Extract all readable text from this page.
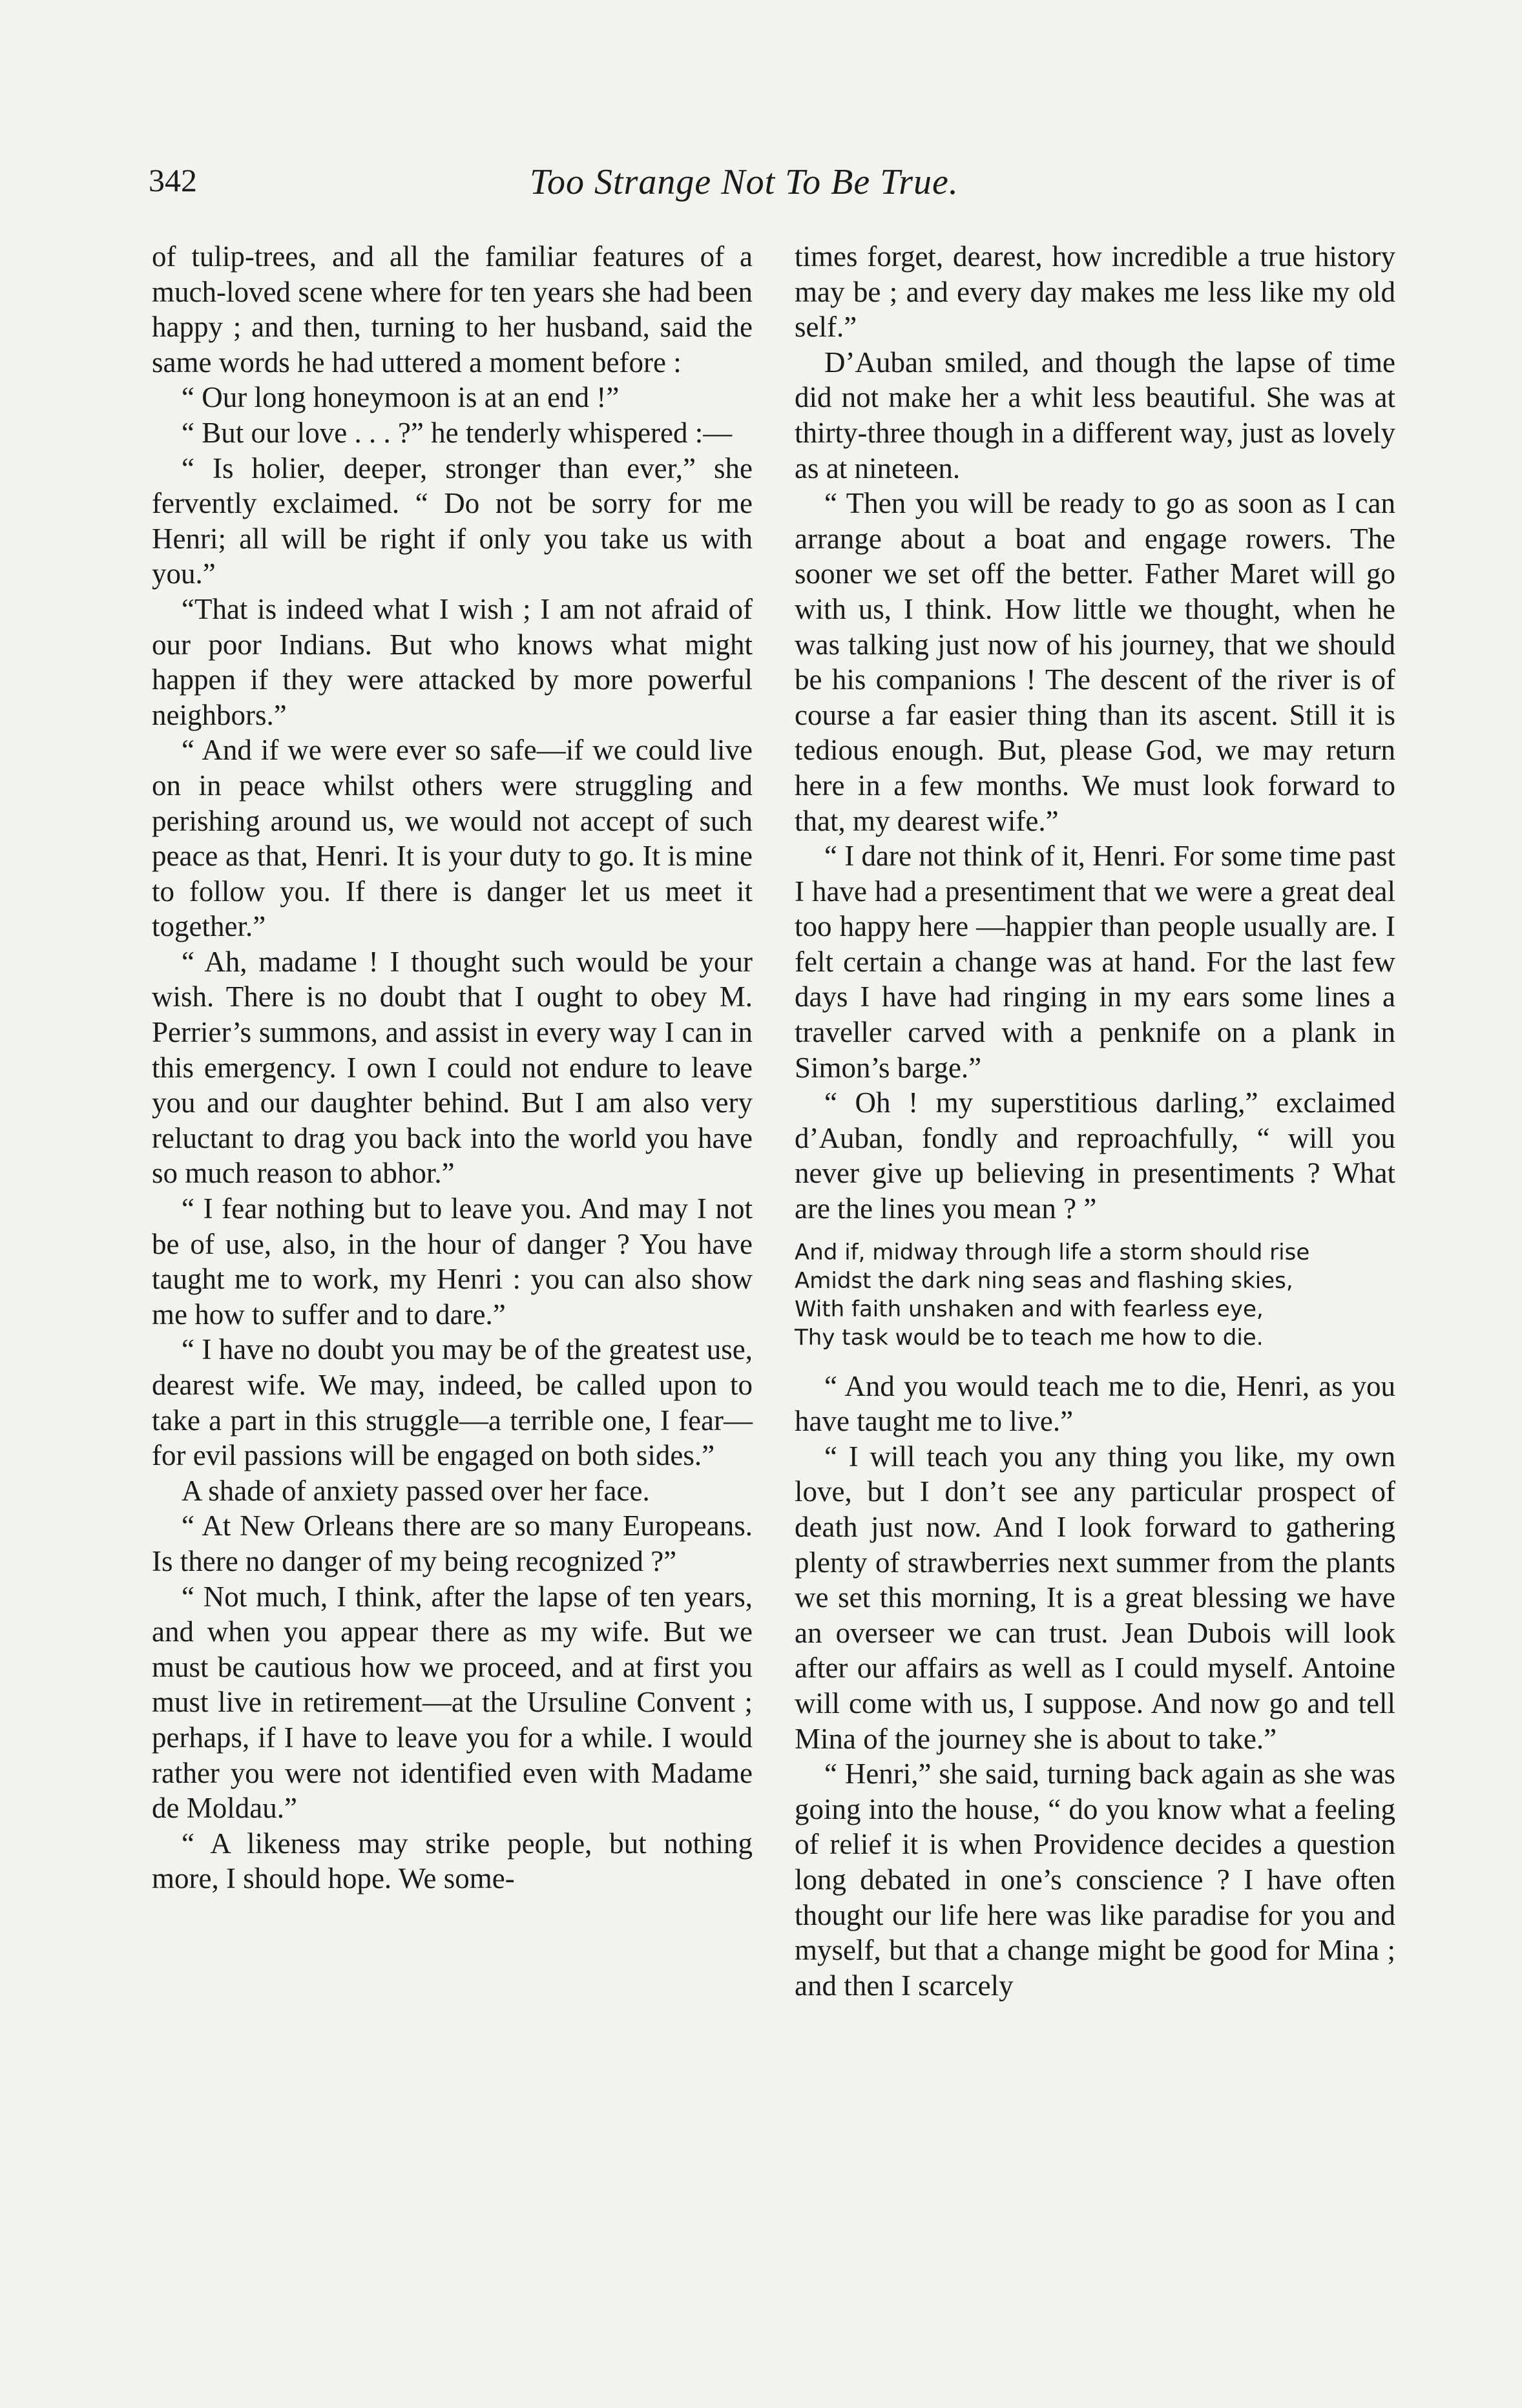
342	Too Strange Not To Be True.

of tulip-trees, and all the familiar features of a much-loved scene where for ten years she had been happy ; and then, turning to her husband, said the same words he had uttered a moment before :

“ Our long honeymoon is at an end !”

“ But our love . . . ?” he tenderly whispered :—

“ Is holier, deeper, stronger than ever,” she fervently exclaimed. “ Do not be sorry for me Henri; all will be right if only you take us with you.”

“That is indeed what I wish ; I am not afraid of our poor Indians. But who knows what might happen if they were attacked by more powerful neighbors.”

“ And if we were ever so safe—if we could live on in peace whilst others were struggling and perishing around us, we would not accept of such peace as that, Henri. It is your duty to go. It is mine to follow you. If there is danger let us meet it together.”

“ Ah, madame ! I thought such would be your wish. There is no doubt that I ought to obey M. Perrier’s summons, and assist in every way I can in this emergency. I own I could not endure to leave you and our daughter behind. But I am also very reluctant to drag you back into the world you have so much reason to abhor.”

“ I fear nothing but to leave you. And may I not be of use, also, in the hour of danger ? You have taught me to work, my Henri : you can also show me how to suffer and to dare.”

“ I have no doubt you may be of the greatest use, dearest wife. We may, indeed, be called upon to take a part in this struggle—a terrible one, I fear—for evil passions will be engaged on both sides.”

A shade of anxiety passed over her face.

“ At New Orleans there are so many Europeans. Is there no danger of my being recognized ?”

“ Not much, I think, after the lapse of ten years, and when you appear there as my wife. But we must be cautious how we proceed, and at first you must live in retirement—at the Ursuline Convent ; perhaps, if I have to leave you for a while. I would rather you were not identified even with Madame de Moldau.”

“ A likeness may strike people, but nothing more, I should hope. We some-

times forget, dearest, how incredible a true history may be ; and every day makes me less like my old self.”

D’Auban smiled, and though the lapse of time did not make her a whit less beautiful. She was at thirty-three though in a different way, just as lovely as at nineteen.

“ Then you will be ready to go as soon as I can arrange about a boat and engage rowers. The sooner we set off the better. Father Maret will go with us, I think. How little we thought, when he was talking just now of his journey, that we should be his companions ! The descent of the river is of course a far easier thing than its ascent. Still it is tedious enough. But, please God, we may return here in a few months. We must look forward to that, my dearest wife.”

“ I dare not think of it, Henri. For some time past I have had a presentiment that we were a great deal too happy here —happier than people usually are. I felt certain a change was at hand. For the last few days I have had ringing in my ears some lines a traveller carved with a penknife on a plank in Simon’s barge.”

“ Oh ! my superstitious darling,” exclaimed d’Auban, fondly and reproachfully, “ will you never give up believing in presentiments ? What are the lines you mean ? ”

And if, midway through life a storm should rise
Amidst the dark ning seas and flashing skies,
With faith unshaken and with fearless eye,
Thy task would be to teach me how to die.

“ And you would teach me to die, Henri, as you have taught me to live.”

“ I will teach you any thing you like, my own love, but I don’t see any particular prospect of death just now. And I look forward to gathering plenty of strawberries next summer from the plants we set this morning, It is a great blessing we have an overseer we can trust. Jean Dubois will look after our affairs as well as I could myself. Antoine will come with us, I suppose. And now go and tell Mina of the journey she is about to take.”

“ Henri,” she said, turning back again as she was going into the house, “ do you know what a feeling of relief it is when Providence decides a question long debated in one’s conscience ? I have often thought our life here was like paradise for you and myself, but that a change might be good for Mina ; and then I scarcely
